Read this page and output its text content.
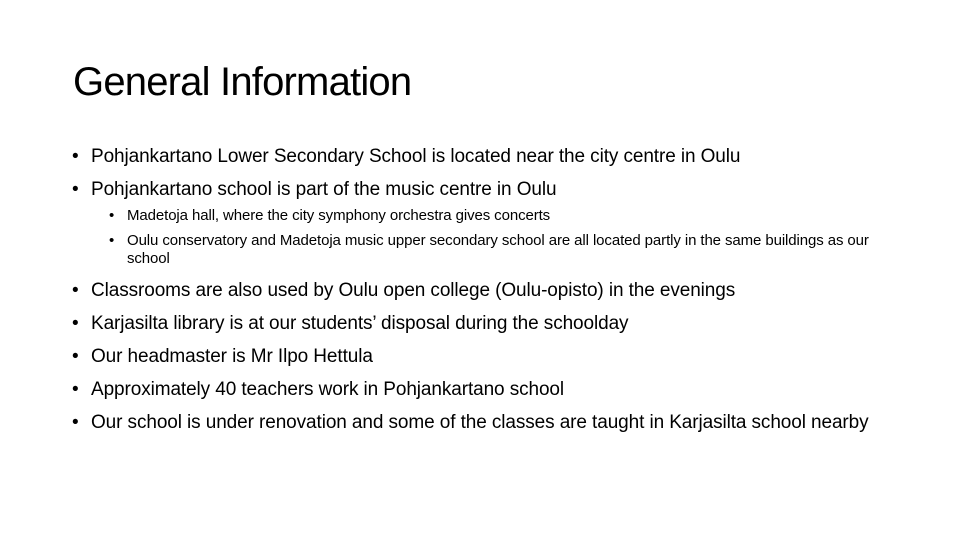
General Information
• Pohjankartano Lower Secondary School is located near the city centre in Oulu
• Pohjankartano school is part of the music centre in Oulu
• Madetoja hall, where the city symphony orchestra gives concerts
• Oulu conservatory and Madetoja music upper secondary school are all located partly in the same buildings as our school
• Classrooms are also used by Oulu open college (Oulu-opisto) in the evenings
• Karjasilta library is at our students’ disposal during the schoolday
• Our headmaster is Mr Ilpo Hettula
• Approximately 40 teachers work in Pohjankartano school
• Our school is under renovation and some of the classes are taught in Karjasilta school nearby
